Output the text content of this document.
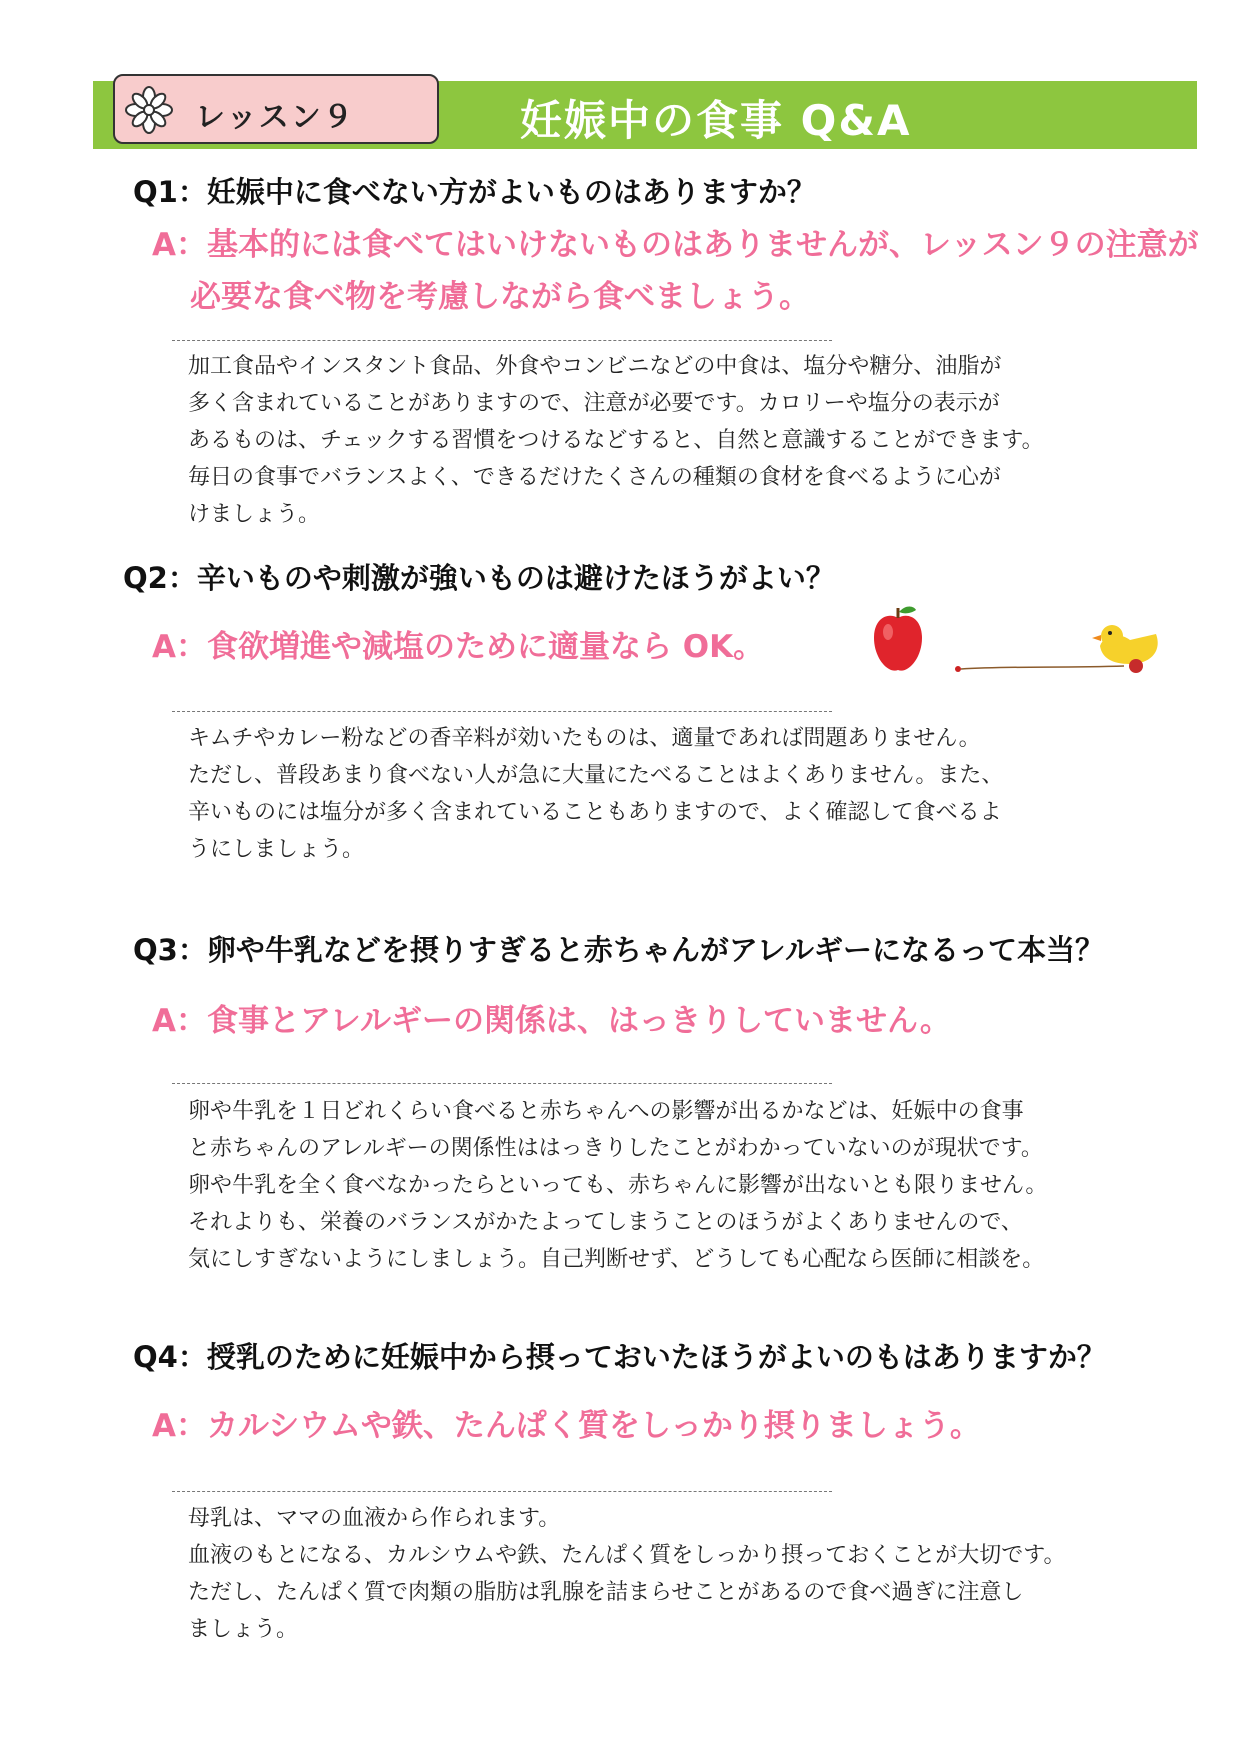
レッスン９	妊娠中の食事 Q&A
Q1：妊娠中に食べない方がよいものはありますか？
A：基本的には食べてはいけないものはありませんが、レッスン９の注意が
必要な食べ物を考慮しながら食べましょう。
加工食品やインスタント食品、外食やコンビニなどの中食は、塩分や糖分、油脂が
多く含まれていることがありますので、注意が必要です。カロリーや塩分の表示が
あるものは、チェックする習慣をつけるなどすると、自然と意識することができます。
毎日の食事でバランスよく、できるだけたくさんの種類の食材を食べるように心が
けましょう。
Q2：辛いものや刺激が強いものは避けたほうがよい？
A：食欲増進や減塩のために適量なら OK。
キムチやカレー粉などの香辛料が効いたものは、適量であれば問題ありません。
ただし、普段あまり食べない人が急に大量にたべることはよくありません。また、
辛いものには塩分が多く含まれていることもありますので、よく確認して食べるよ
うにしましょう。
Q3：卵や牛乳などを摂りすぎると赤ちゃんがアレルギーになるって本当？
A：食事とアレルギーの関係は、はっきりしていません。
卵や牛乳を１日どれくらい食べると赤ちゃんへの影響が出るかなどは、妊娠中の食事
と赤ちゃんのアレルギーの関係性ははっきりしたことがわかっていないのが現状です。
卵や牛乳を全く食べなかったらといっても、赤ちゃんに影響が出ないとも限りません。
それよりも、栄養のバランスがかたよってしまうことのほうがよくありませんので、
気にしすぎないようにしましょう。自己判断せず、どうしても心配なら医師に相談を。
Q4：授乳のために妊娠中から摂っておいたほうがよいのもはありますか？
A：カルシウムや鉄、たんぱく質をしっかり摂りましょう。
母乳は、ママの血液から作られます。
血液のもとになる、カルシウムや鉄、たんぱく質をしっかり摂っておくことが大切です。
ただし、たんぱく質で肉類の脂肪は乳腺を詰まらせことがあるので食べ過ぎに注意し
ましょう。
